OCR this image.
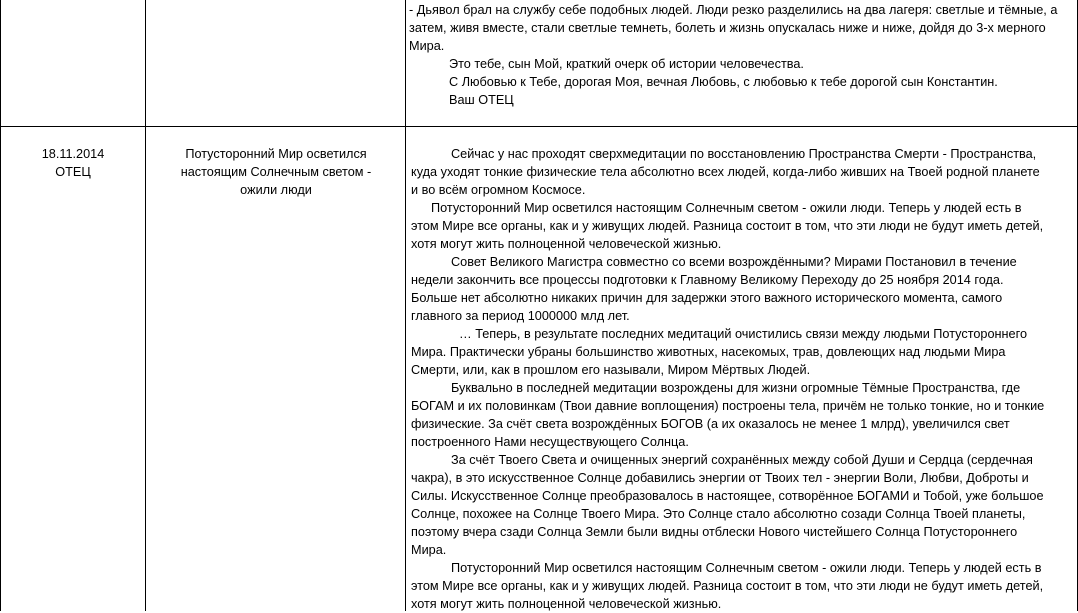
- Дьявол брал на службу себе подобных людей. Люди резко разделились на два лагеря: светлые и тёмные, а затем, живя вместе, стали светлые темнеть, болеть и жизнь опускалась ниже и ниже, дойдя до 3-х мерного Мира.

Это тебе, сын Мой, краткий очерк об истории человечества.

С Любовью к Тебе, дорогая Моя, вечная Любовь, с любовью к тебе дорогой сын Константин.

Ваш ОТЕЦ

18.11.2014
ОТЕЦ
Потусторонний Мир осветился настоящим Солнечным светом - ожили люди

Сейчас у нас проходят сверхмедитации по восстановлению Пространства Смерти - Пространства, куда уходят тонкие физические тела абсолютно всех людей, когда-либо живших на Твоей родной планете и во всём огромном Космосе.

Потусторонний Мир осветился настоящим Солнечным светом - ожили люди. Теперь у людей есть в этом Мире все органы, как и у живущих людей. Разница состоит в том, что эти люди не будут иметь детей, хотя могут жить полноценной человеческой жизнью.

Совет Великого Магистра совместно со всеми возрождёнными? Мирами Постановил в течение недели закончить все процессы подготовки к Главному Великому Переходу до 25 ноября 2014 года. Больше нет абсолютно никаких причин для задержки этого важного исторического момента, самого главного за период 1000000 млд лет.

… Теперь, в результате последних медитаций очистились связи между людьми Потустороннего Мира. Практически убраны большинство животных, насекомых, трав, довлеющих над людьми Мира Смерти, или, как в прошлом его называли, Миром Мёртвых Людей.

Буквально в последней медитации возрождены для жизни огромные Тёмные Пространства, где БОГАМ и их половинкам (Твои давние воплощения) построены тела, причём не только тонкие, но и тонкие физические. За счёт света возрождённых БОГОВ (а их оказалось не менее 1 млрд), увеличился свет построенного Нами несуществующего Солнца.

За счёт Твоего Света и очищенных энергий сохранённых между собой Души и Сердца (сердечная чакра), в это искусственное Солнце добавились энергии от Твоих тел - энергии Воли, Любви, Доброты и Силы. Искусственное Солнце преобразовалось в настоящее, сотворённое БОГАМИ и Тобой, уже большое Солнце, похожее на Солнце Твоего Мира. Это Солнце стало абсолютно созади Солнца Твоей планеты, поэтому вчера сзади Солнца Земли были видны отблески Нового чистейшего Солнца Потустороннего Мира.

Потусторонний Мир осветился настоящим Солнечным светом - ожили люди. Теперь у людей есть в этом Мире все органы, как и у живущих людей. Разница состоит в том, что эти люди не будут иметь детей, хотя могут жить полноценной человеческой жизнью.
